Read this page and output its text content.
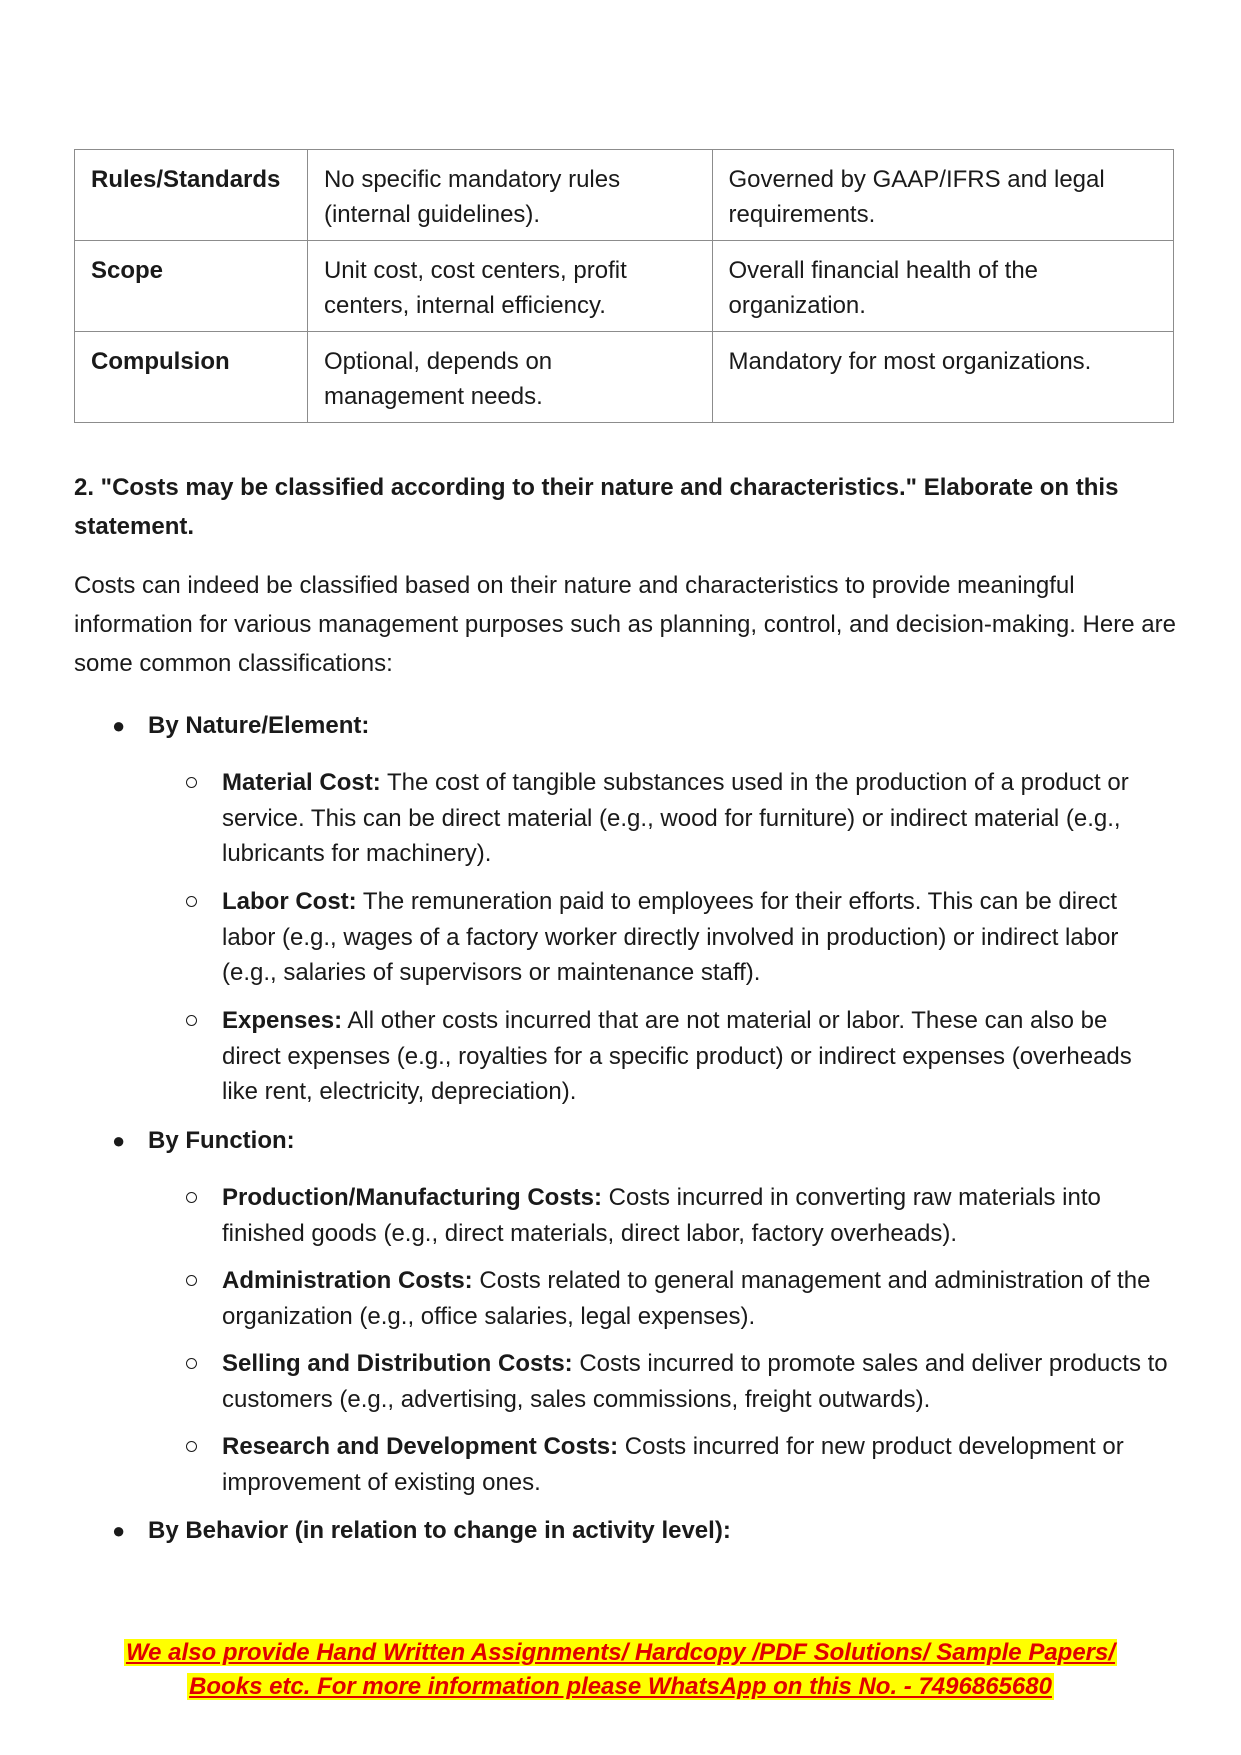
Rules/Standards	No specific mandatory rules (internal guidelines).	Governed by GAAP/IFRS and legal requirements.
Scope	Unit cost, cost centers, profit centers, internal efficiency.	Overall financial health of the organization.
Compulsion	Optional, depends on management needs.	Mandatory for most organizations.

2. "Costs may be classified according to their nature and characteristics." Elaborate on this statement.

Costs can indeed be classified based on their nature and characteristics to provide meaningful information for various management purposes such as planning, control, and decision-making. Here are some common classifications:

● By Nature/Element:
Material Cost: The cost of tangible substances used in the production of a product or service. This can be direct material (e.g., wood for furniture) or indirect material (e.g., lubricants for machinery).
Labor Cost: The remuneration paid to employees for their efforts. This can be direct labor (e.g., wages of a factory worker directly involved in production) or indirect labor (e.g., salaries of supervisors or maintenance staff).
Expenses: All other costs incurred that are not material or labor. These can also be direct expenses (e.g., royalties for a specific product) or indirect expenses (overheads like rent, electricity, depreciation).
● By Function:
Production/Manufacturing Costs: Costs incurred in converting raw materials into finished goods (e.g., direct materials, direct labor, factory overheads).
Administration Costs: Costs related to general management and administration of the organization (e.g., office salaries, legal expenses).
Selling and Distribution Costs: Costs incurred to promote sales and deliver products to customers (e.g., advertising, sales commissions, freight outwards).
Research and Development Costs: Costs incurred for new product development or improvement of existing ones.
● By Behavior (in relation to change in activity level):
We also provide Hand Written Assignments/ Hardcopy /PDF Solutions/ Sample Papers/
Books etc. For more information please WhatsApp on this No. - 7496865680
